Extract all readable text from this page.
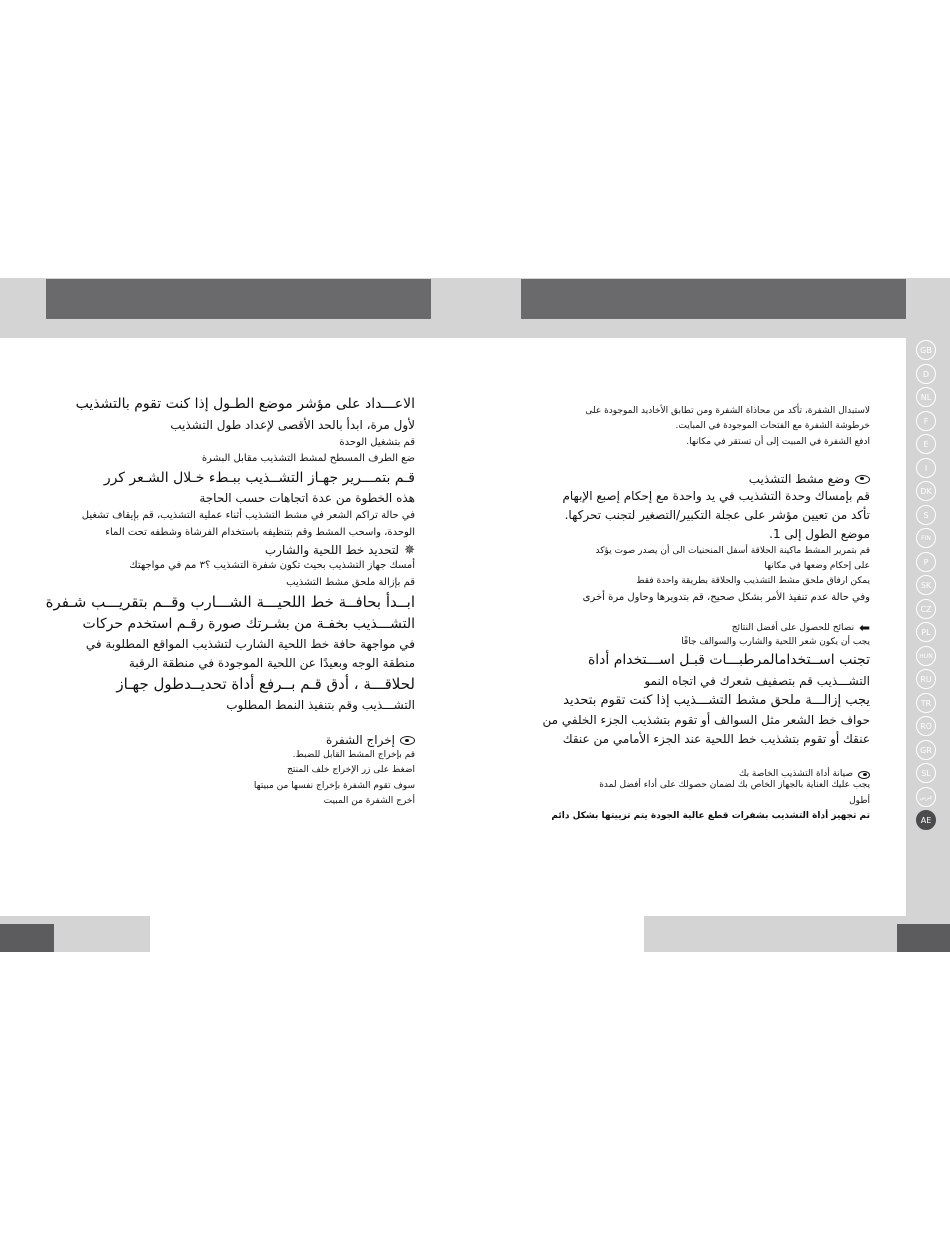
GB
D
NL
F
E
I
DK
S
FIN
P
SK
CZ
PL
HUN
RU
TR
RO
GR
SL
عربي
AE
الاعـــداد على مؤشر موضع الطـول إذا كنت تقوم بالتشذيب
لأول مرة، ابدأ بالحد الأقصى لإعداد طول التشذيب
قم بتشغيل الوحدة
ضع الطرف المسطح لمشط التشذيب مقابل البشرة
قـم بتمـــرير جهـاز التشــذيب ببـطء خـلال الشـعر كرر
هذه الخطوة من عدة اتجاهات حسب الحاجة
في حالة تراكم الشعر في مشط التشذيب أثناء عملية التشذيب، قم بإيقاف تشغيل
الوحدة، واسحب المشط وقم بتنظيفه باستخدام الفرشاة وشطفه تحت الماء
✵
لتحديد خط اللحية والشارب
أمسك جهاز التشذيب بحيث تكون شفرة التشذيب ؟٣ مم في مواجهتك
قم بإزالة ملحق مشط التشذيب
ابــدأ بحافــة خط اللحيـــة الشـــارب وقــم بتقريـــب شـفرة
التشـــذيب بخفـة من بشـرتك صورة رقـم استخدم حركات
في مواجهة حافة خط اللحية الشارب لتشذيب المواقع المطلوبة في
منطقة الوجه وبعيدًا عن اللحية الموجودة في منطقة الرقبة
لحلاقـــة ، أدق قـم بــرفع أداة تحديــدطول جهـاز
التشـــذيب وقم بتنفيذ النمط المطلوب
إخراج الشفرة
قم بإخراج المشط القابل للضبط.
اضغط على زر الإخراج خلف المنتج
سوف تقوم الشفرة بإخراج نفسها من مبيتها
أخرج الشفرة من المبيت
لاستبدال الشفرة، تأكد من محاذاة الشفرة ومن تطابق الأخاديد الموجودة على
خرطوشة الشفرة مع الفتحات الموجودة في المبايت.
ادفع الشفرة في المبيت إلى أن تستقر في مكانها.
وضع مشط التشذيب
قم بإمساك وحدة التشذيب في يد واحدة مع إحكام إصبع الإبهام
تأكد من تعيين مؤشر على عجلة التكبير/التصغير لتجنب تحركها.
موضع الطول إلى 1.
قم بتمرير المشط ماكينة الحلاقة أسفل المنحنيات الى أن يصدر صوت يؤكد
على إحكام وضعها في مكانها
يمكن ارفاق ملحق مشط التشذيب والحلاقة بطريقة واحدة فقط
وفي حالة عدم تنفيذ الأمر بشكل صحيح، قم بتدويرها وحاول مرة أخرى
⬅
نصائح للحصول على أفضل النتائج
يجب أن يكون شعر اللحية والشارب والسوالف جافًا
تجنب اســتخدامالمرطبـــات قبـل اســـتخدام أداة
التشـــذيب قم بتصفيف شعرك في اتجاه النمو
يجب إزالـــة ملحق مشط التشـــذيب إذا كنت تقوم بتحديد
حواف خط الشعر مثل السوالف أو تقوم بتشذيب الجزء الخلفي من
عنقك أو تقوم بتشذيب خط اللحية عند الجزء الأمامي من عنقك
صيانة أداة التشذيب الخاصة بك
يجب عليك العناية بالجهاز الخاص بك لضمان حصولك على أداء أفضل لمدة
أطول
تم تجهيز أداة التشذيب بشفرات قطع عالية الجودة يتم تزييتها بشكل دائم
